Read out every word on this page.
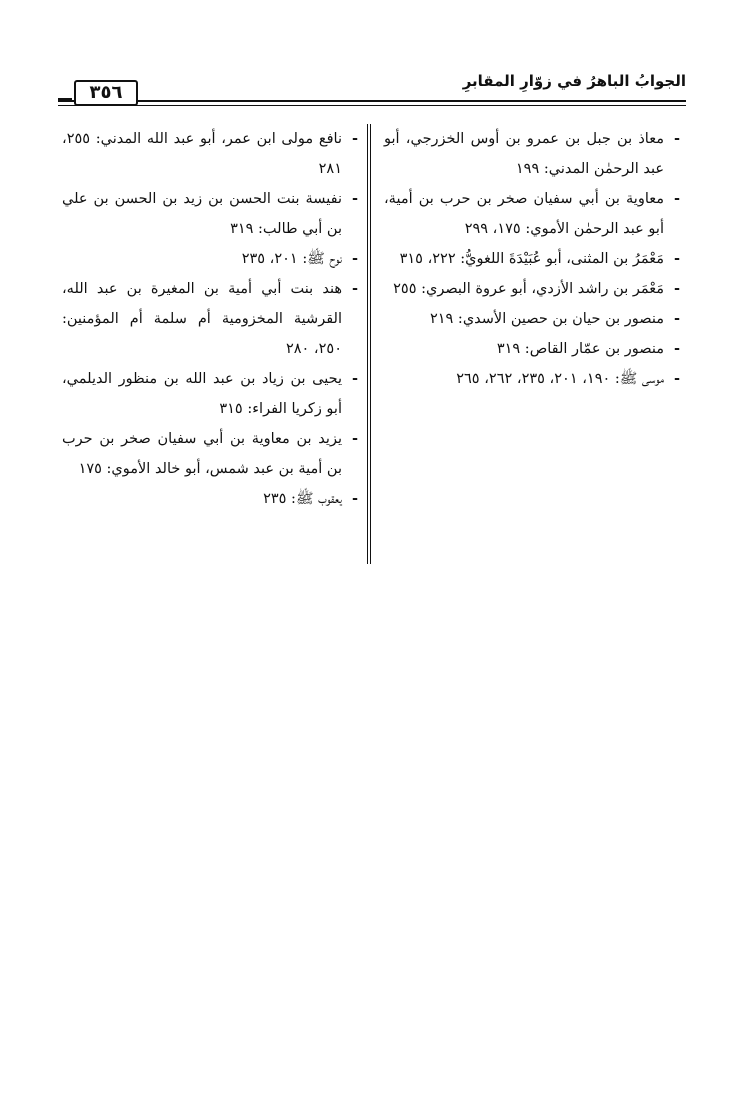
٣٥٦
الجوابُ الباهرُ في زوّارِ المقابرِ
- معاذ بن جبل بن عمرو بن أوس الخزرجي، أبو عبد الرحمٰن المدني: ١٩٩
- معاوية بن أبي سفيان صخر بن حرب بن أمية، أبو عبد الرحمٰن الأموي: ١٧٥، ٢٩٩
- مَعْمَرُ بن المثنى، أبو عُبَيْدَةَ اللغويُّ: ٢٢٢، ٣١٥
- مَعْمَر بن راشد الأزدي، أبو عروة البصري: ٢٥٥
- منصور بن حيان بن حصين الأسدي: ٢١٩
- منصور بن عمّار القاص: ٣١٩
- موسى ﷺ: ١٩٠، ٢٠١، ٢٣٥، ٢٦٢، ٢٦٥
- نافع مولى ابن عمر، أبو عبد الله المدني: ٢٥٥، ٢٨١
- نفيسة بنت الحسن بن زيد بن الحسن بن علي بن أبي طالب: ٣١٩
- نوح ﷺ: ٢٠١، ٢٣٥
- هند بنت أبي أمية بن المغيرة بن عبد الله، القرشية المخزومية أم سلمة أم المؤمنين: ٢٥٠، ٢٨٠
- يحيى بن زياد بن عبد الله بن منظور الديلمي، أبو زكريا الفراء: ٣١٥
- يزيد بن معاوية بن أبي سفيان صخر بن حرب بن أمية بن عبد شمس، أبو خالد الأموي: ١٧٥
- يعقوب ﷺ: ٢٣٥
